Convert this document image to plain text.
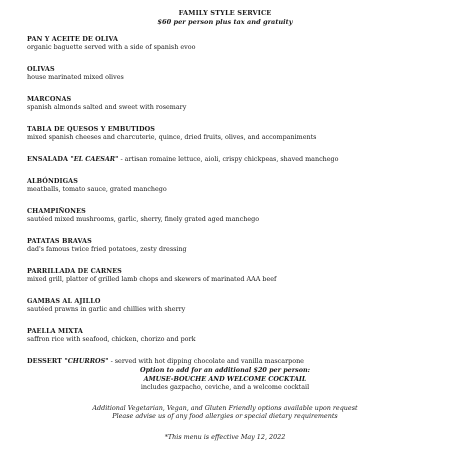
FAMILY STYLE SERVICE
$60 per person plus tax and gratuity
PAN Y ACEITE DE OLIVA
organic baguette served with a side of spanish evoo
OLIVAS
house marinated mixed olives
MARCONAS
spanish almonds salted and sweet with rosemary
TABLA DE QUESOS Y EMBUTIDOS
mixed spanish cheeses and charcuterie, quince, dried fruits, olives, and accompaniments
ENSALADA "EL CAESAR" - artisan romaine lettuce, aioli, crispy chickpeas, shaved manchego
ALBÓNDIGAS
meatballs, tomato sauce, grated manchego
CHAMPIÑONES
sautéed mixed mushrooms, garlic, sherry, finely grated aged manchego
PATATAS BRAVAS
dad's famous twice fried potatoes, zesty dressing
PARRILLADA DE CARNES
mixed grill, platter of grilled lamb chops and skewers of marinated AAA beef
GAMBAS AL AJILLO
sautéed prawns in garlic and chillies with sherry
PAELLA MIXTA
saffron rice with seafood, chicken, chorizo and pork
DESSERT "CHURROS" - served with hot dipping chocolate and vanilla mascarpone
Option to add for an additional $20 per person:
AMUSE-BOUCHE AND WELCOME COCKTAIL
includes gazpacho, ceviche, and a welcome cocktail
Additional Vegetarian, Vegan, and Gluten Friendly options available upon request
Please advise us of any food allergies or special dietary requirements
*This menu is effective May 12, 2022
